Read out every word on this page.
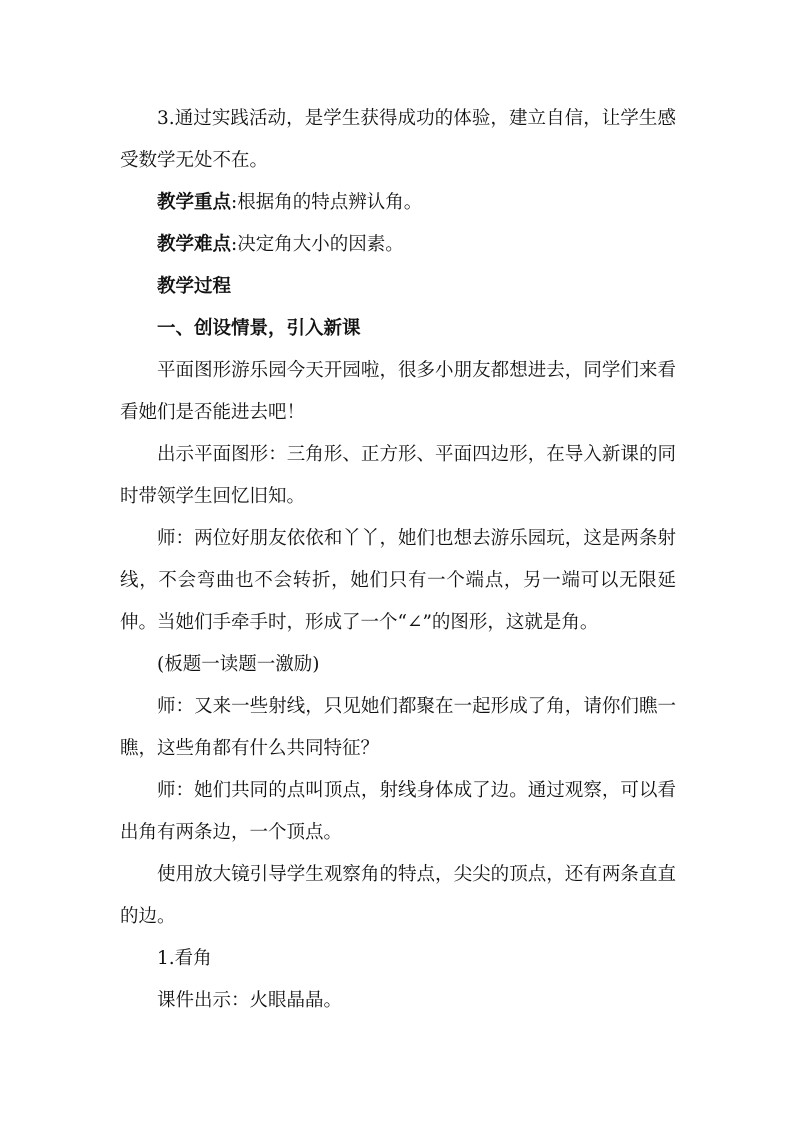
3.通过实践活动，是学生获得成功的体验，建立自信，让学生感受数学无处不在。

教学重点:根据角的特点辨认角。

教学难点:决定角大小的因素。

教学过程

一、创设情景，引入新课

平面图形游乐园今天开园啦，很多小朋友都想进去，同学们来看看她们是否能进去吧！

出示平面图形：三角形、正方形、平面四边形，在导入新课的同时带领学生回忆旧知。

师：两位好朋友依依和丫丫，她们也想去游乐园玩，这是两条射线，不会弯曲也不会转折，她们只有一个端点，另一端可以无限延伸。当她们手牵手时，形成了一个“∠”的图形，这就是角。

(板题一读题一激励)

师：又来一些射线，只见她们都聚在一起形成了角，请你们瞧一瞧，这些角都有什么共同特征？

师：她们共同的点叫顶点，射线身体成了边。通过观察，可以看出角有两条边，一个顶点。

使用放大镜引导学生观察角的特点，尖尖的顶点，还有两条直直的边。

1.看角

课件出示：火眼晶晶。
